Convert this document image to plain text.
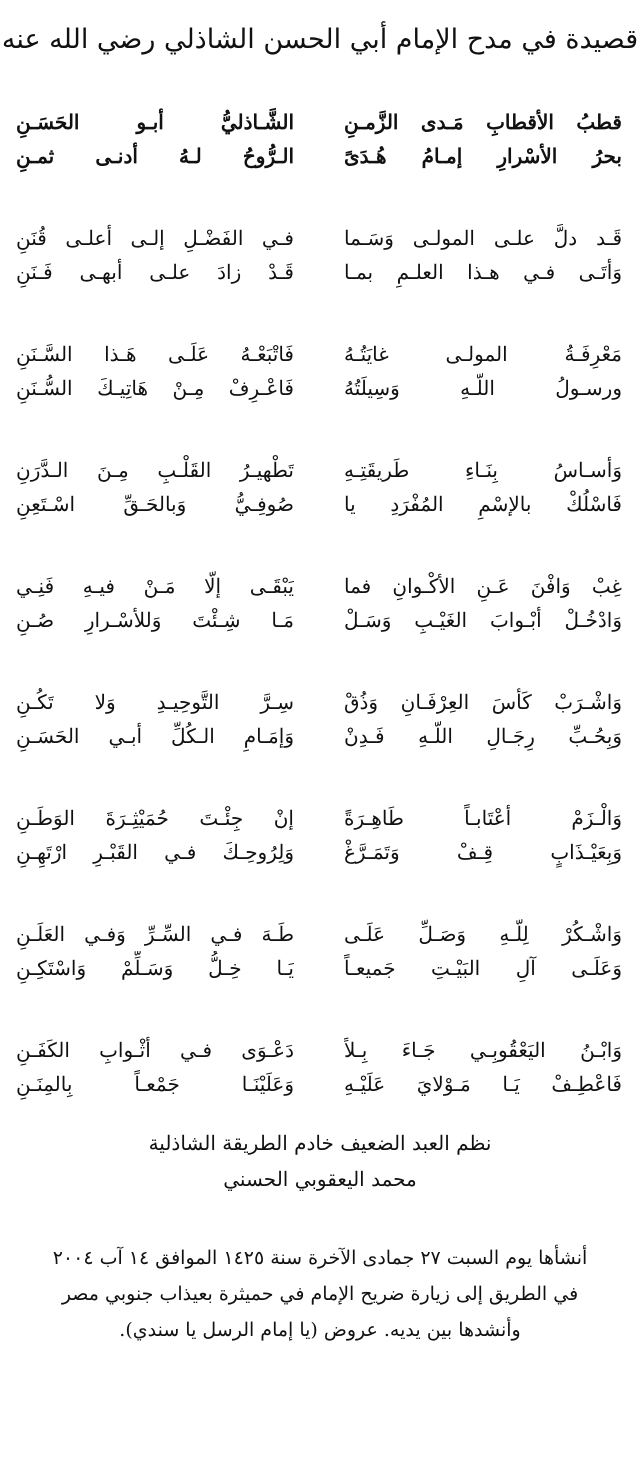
قصيدة في مدح الإمام أبي الحسن الشاذلي رضي الله عنه
قطبُ الأقطابِ مَـدى الزَّمـنِ
الشَّـاذليُّ أبـو الحَسَـنِ
بحرُ الأسْرارِ إمـامُ هُـدَىً
الـرُّوحُ لـهُ أدنـى ثمـنِ
قَـد دلَّ علـى المولـى وَسَـما
فـي الفَضْـلِ إلـى أعلـى قُنَنِ
وَأتَـى فـي هـذا العلـمِ بمـا
قَـدْ زادَ علـى أبهـى فَـنَنِ
مَعْرِفَـةُ المولـى غايَتُـهُ
فَاتْبَعْـهُ عَلَـى هَـذا السَّـنَنِ
ورسـولُ اللّـهِ وَسِيلَتُهُ
فَاعْـرِفْ مِـنْ هَاتِيـكَ السُّـنَنِ
وَأسـاسُ بِنَـاءِ طَريقَتِـهِ
تَطْهيـرُ القَلْـبِ مِـنَ الـدَّرَنِ
فَاسْلُكْ بالإسْمِ المُفْرَدِ يا
صُوفِـيُّ وَبالحَـقِّ اسْـتَعِنِ
غِبْ وَافْنَ عَـنِ الأكْـوانِ فما
يَبْقَـى إلّا مَـنْ فيـهِ فَنِـي
وَادْخُـلْ أبْـوابَ الغَيْـبِ وَسَـلْ
مَـا شِـئْتَ وَللأسْـرارِ صُـنِ
وَاشْـرَبْ كَأسَ العِرْفَـانِ وَذُقْ
سِـرَّ التَّوحِيـدِ وَلا تَكُـنِ
وَبِحُـبِّ رِجَـالِ اللّـهِ فَـدِنْ
وَإمَـامِ الـكُلِّ أبـي الحَسَـنِ
وَالْـزَمْ أعْتَابـاً طَاهِـرَةً
إنْ جِئْـتَ حُمَيْثِـرَةَ الوَطَـنِ
وَبِعَيْـذَابٍ قِـفْ وَتَمَـرَّغْ
وَلِرُوحِـكَ فـي القَبْـرِ ارْتَهِـنِ
وَاشْـكُرْ لِلّـهِ وَصَـلِّ عَلَـى
طَـهَ فـي السِّـرِّ وَفـي العَلَـنِ
وَعَلَـى آلِ البَيْـتِ جَميعـاً
يَـا خِـلُّ وَسَـلِّمْ وَاسْتَكِـنِ
وَابْـنُ اليَعْقُوبِـي جَـاءَ بِـلاً
دَعْـوَى فـي أثْـوابِ الكَفَـنِ
فَاعْطِـفْ يَـا مَـوْلايَ عَلَيْـهِ
وَعَلَيْنَـا جَمْعـاً بِالمِنَـنِ
نظم العبد الضعيف خادم الطريقة الشاذلية
محمد اليعقوبي الحسني
أنشأها يوم السبت ٢٧ جمادى الآخرة سنة ١٤٢٥ الموافق ١٤ آب ٢٠٠٤
في الطريق إلى زيارة ضريح الإمام في حميثرة بعيذاب جنوبي مصر
وأنشدها بين يديه. عروض (يا إمام الرسل يا سندي).
